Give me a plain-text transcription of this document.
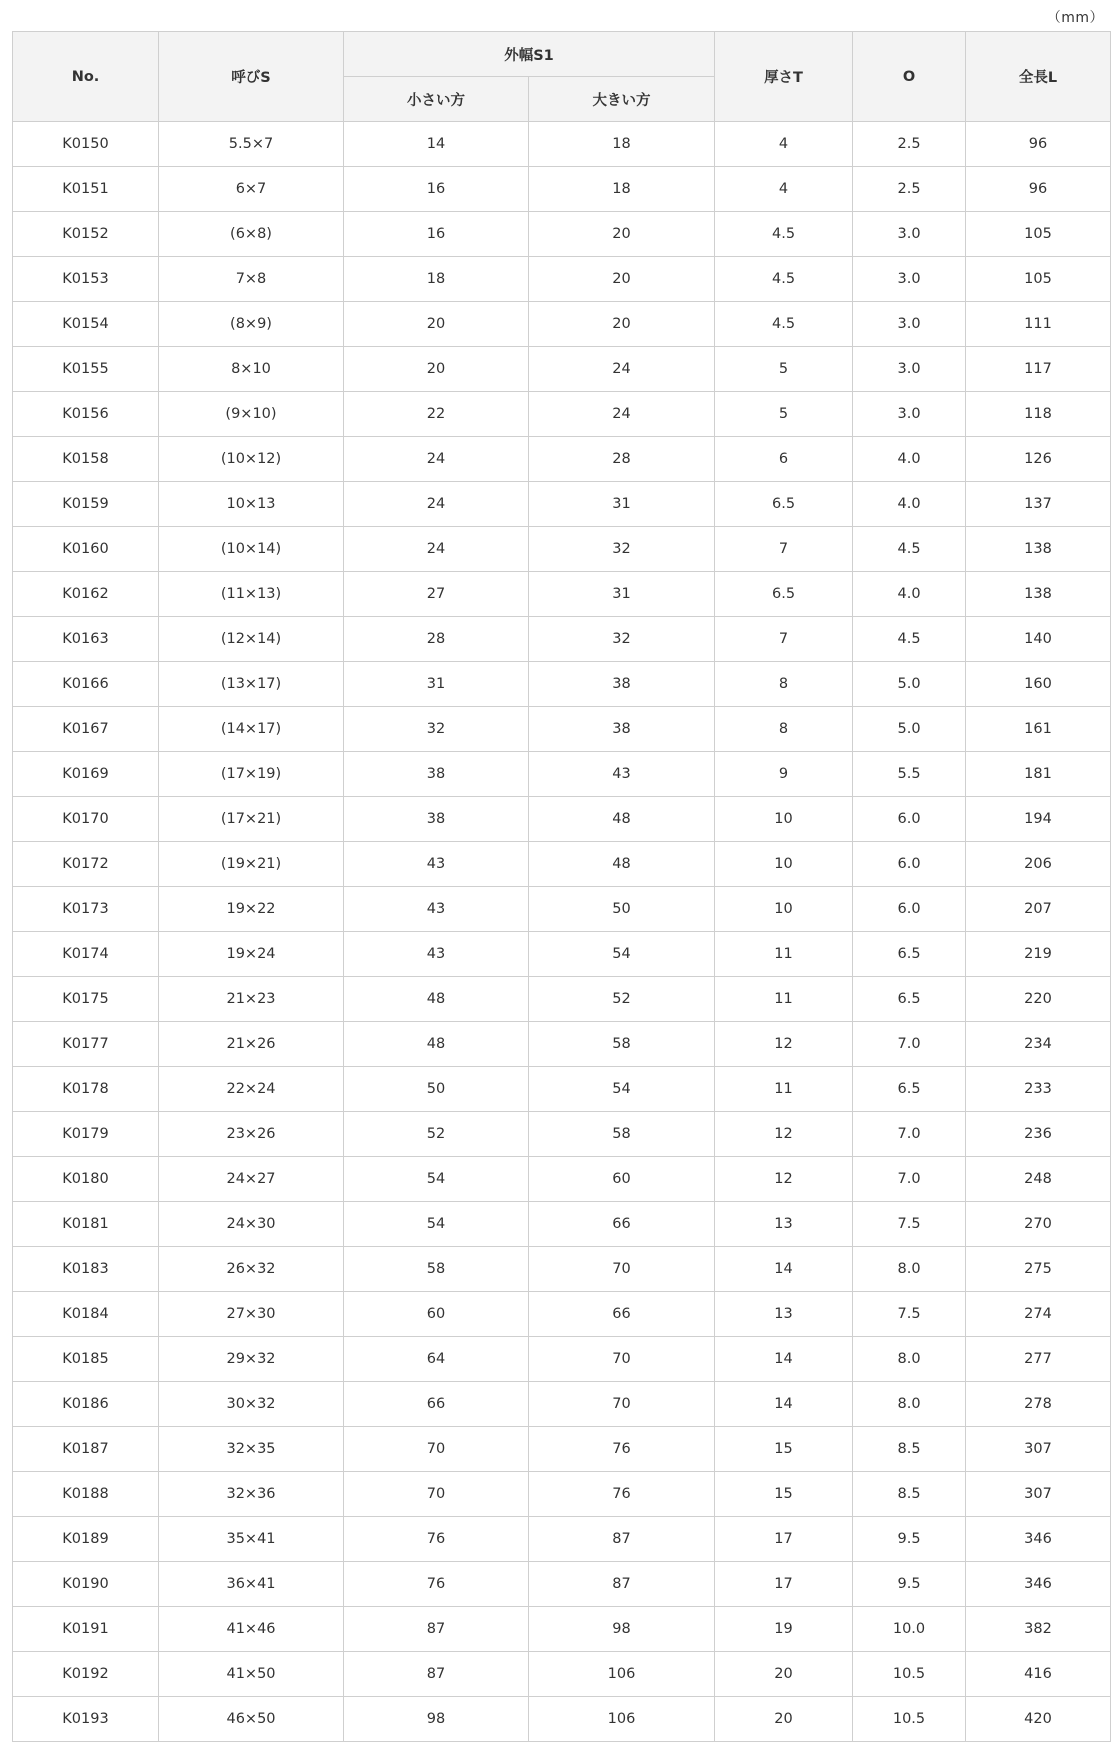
（mm）
No.	呼びS	外幅S1		厚さT	O	全長L
		小さい方	大きい方			
K0150	5.5×7	14	18	4	2.5	96
K0151	6×7	16	18	4	2.5	96
K0152	(6×8)	16	20	4.5	3.0	105
K0153	7×8	18	20	4.5	3.0	105
K0154	(8×9)	20	20	4.5	3.0	111
K0155	8×10	20	24	5	3.0	117
K0156	(9×10)	22	24	5	3.0	118
K0158	(10×12)	24	28	6	4.0	126
K0159	10×13	24	31	6.5	4.0	137
K0160	(10×14)	24	32	7	4.5	138
K0162	(11×13)	27	31	6.5	4.0	138
K0163	(12×14)	28	32	7	4.5	140
K0166	(13×17)	31	38	8	5.0	160
K0167	(14×17)	32	38	8	5.0	161
K0169	(17×19)	38	43	9	5.5	181
K0170	(17×21)	38	48	10	6.0	194
K0172	(19×21)	43	48	10	6.0	206
K0173	19×22	43	50	10	6.0	207
K0174	19×24	43	54	11	6.5	219
K0175	21×23	48	52	11	6.5	220
K0177	21×26	48	58	12	7.0	234
K0178	22×24	50	54	11	6.5	233
K0179	23×26	52	58	12	7.0	236
K0180	24×27	54	60	12	7.0	248
K0181	24×30	54	66	13	7.5	270
K0183	26×32	58	70	14	8.0	275
K0184	27×30	60	66	13	7.5	274
K0185	29×32	64	70	14	8.0	277
K0186	30×32	66	70	14	8.0	278
K0187	32×35	70	76	15	8.5	307
K0188	32×36	70	76	15	8.5	307
K0189	35×41	76	87	17	9.5	346
K0190	36×41	76	87	17	9.5	346
K0191	41×46	87	98	19	10.0	382
K0192	41×50	87	106	20	10.5	416
K0193	46×50	98	106	20	10.5	420
